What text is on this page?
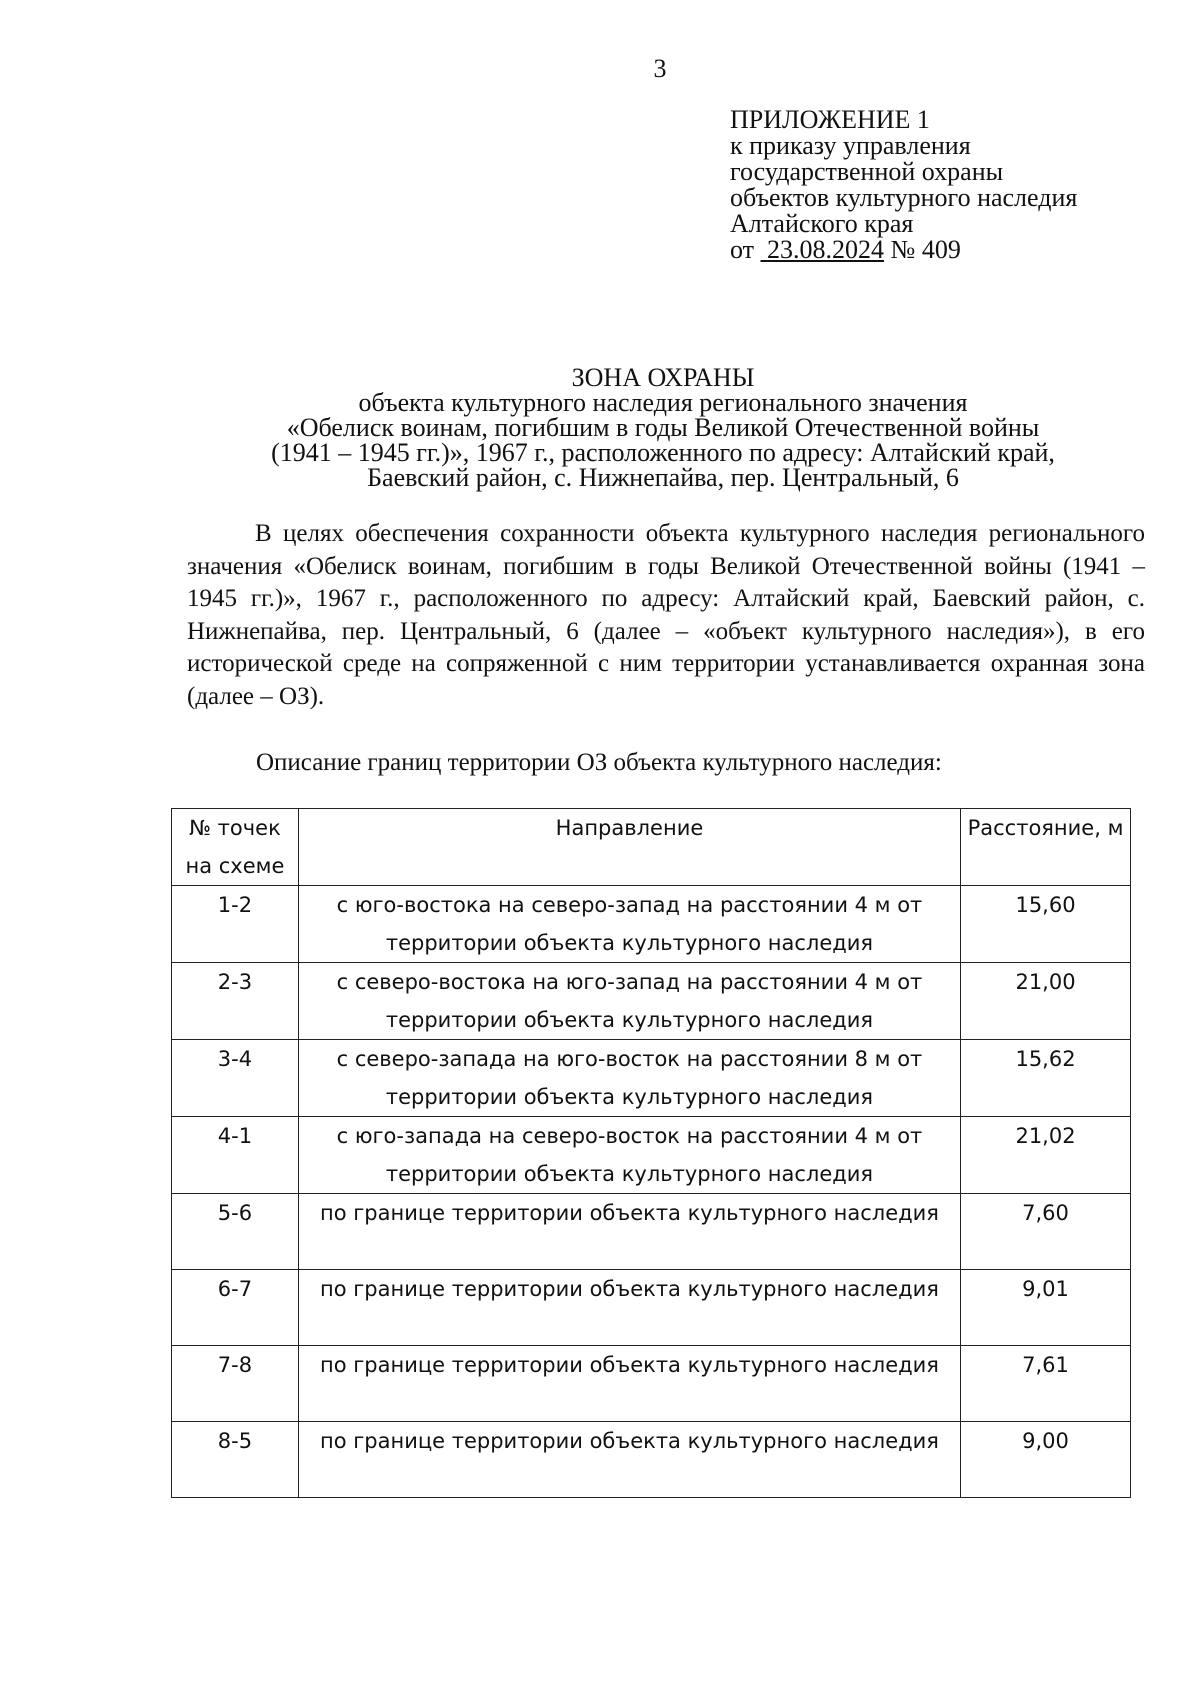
3
ПРИЛОЖЕНИЕ 1
к приказу управления
государственной охраны
объектов культурного наследия
Алтайского края
от 23.08.2024 № 409
ЗОНА ОХРАНЫ
объекта культурного наследия регионального значения
«Обелиск воинам, погибшим в годы Великой Отечественной войны
(1941 – 1945 гг.)», 1967 г., расположенного по адресу: Алтайский край,
Баевский район, с. Нижнепайва, пер. Центральный, 6

В целях обеспечения сохранности объекта культурного наследия регионального значения «Обелиск воинам, погибшим в годы Великой Отечественной войны (1941 – 1945 гг.)», 1967 г., расположенного по адресу: Алтайский край, Баевский район, с. Нижнепайва, пер. Центральный, 6 (далее – «объект культурного наследия»), в его исторической среде на сопряженной с ним территории устанавливается охранная зона (далее – ОЗ).

Описание границ территории ОЗ объекта культурного наследия:
№ точек на схеме	Направление	Расстояние, м
1-2	с юго-востока на северо-запад на расстоянии 4 м от территории объекта культурного наследия	15,60
2-3	с северо-востока на юго-запад на расстоянии 4 м от территории объекта культурного наследия	21,00
3-4	с северо-запада на юго-восток на расстоянии 8 м от территории объекта культурного наследия	15,62
4-1	с юго-запада на северо-восток на расстоянии 4 м от территории объекта культурного наследия	21,02
5-6	по границе территории объекта культурного наследия	7,60
6-7	по границе территории объекта культурного наследия	9,01
7-8	по границе территории объекта культурного наследия	7,61
8-5	по границе территории объекта культурного наследия	9,00
